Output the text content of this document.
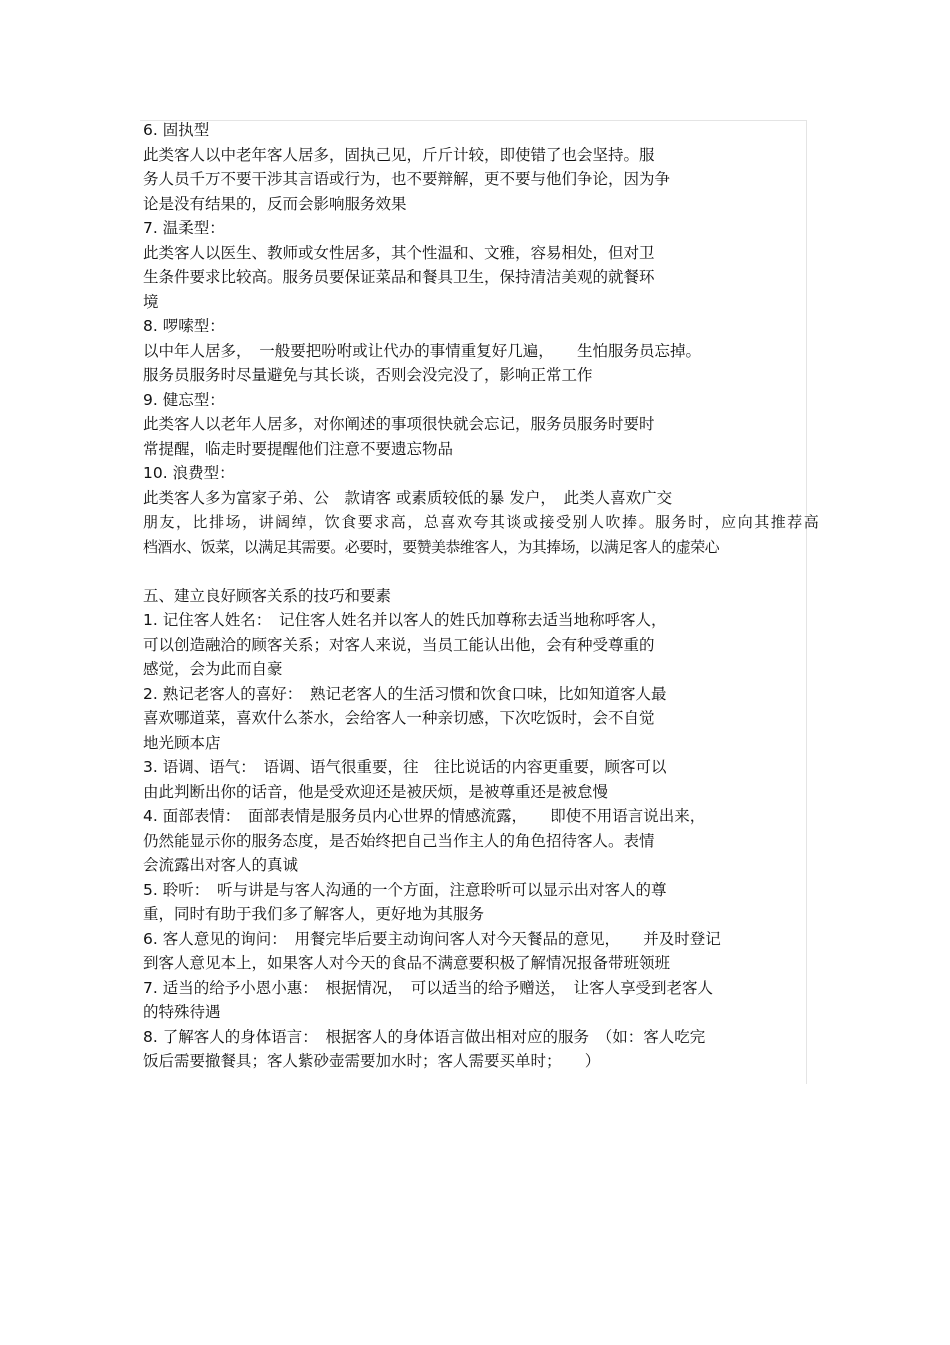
6. 固执型
此类客人以中老年客人居多，固执己见，斤斤计较，即使错了也会坚持。服
务人员千万不要干涉其言语或行为，也不要辩解，更不要与他们争论，因为争
论是没有结果的，反而会影响服务效果
7. 温柔型：
此类客人以医生、教师或女性居多，其个性温和、文雅，容易相处，但对卫
生条件要求比较高。服务员要保证菜品和餐具卫生，保持清洁美观的就餐环
境
8. 啰嗦型：
以中年人居多，　一般要把吩咐或让代办的事情重复好几遍，　　生怕服务员忘掉。
服务员服务时尽量避免与其长谈，否则会没完没了，影响正常工作
9. 健忘型：
此类客人以老年人居多，对你阐述的事项很快就会忘记，服务员服务时要时
常提醒，临走时要提醒他们注意不要遗忘物品
10. 浪费型：
此类客人多为富家子弟、公　款请客 或素质较低的暴 发户，　此类人喜欢广交
朋友，比排场，讲阔绰，饮食要求高，总喜欢夸其谈或接受别人吹捧。服务时，应向其推荐高
档酒水、饭菜，以满足其需要。必要时，要赞美恭维客人，为其捧场，以满足客人的虚荣心
五、建立良好顾客关系的技巧和要素
1. 记住客人姓名：　记住客人姓名并以客人的姓氏加尊称去适当地称呼客人，
可以创造融洽的顾客关系；对客人来说，当员工能认出他，会有种受尊重的
感觉，会为此而自豪
2. 熟记老客人的喜好：　熟记老客人的生活习惯和饮食口味，比如知道客人最
喜欢哪道菜，喜欢什么茶水，会给客人一种亲切感，下次吃饭时，会不自觉
地光顾本店
3. 语调、语气：　语调、语气很重要，往　往比说话的内容更重要，顾客可以
由此判断出你的话音，他是受欢迎还是被厌烦，是被尊重还是被怠慢
4. 面部表情：　面部表情是服务员内心世界的情感流露，　　即使不用语言说出来，
仍然能显示你的服务态度，是否始终把自己当作主人的角色招待客人。表情
会流露出对客人的真诚
5. 聆听：　听与讲是与客人沟通的一个方面，注意聆听可以显示出对客人的尊
重，同时有助于我们多了解客人，更好地为其服务
6. 客人意见的询问：　用餐完毕后要主动询问客人对今天餐品的意见，　　并及时登记
到客人意见本上，如果客人对今天的食品不满意要积极了解情况报备带班领班
7. 适当的给予小恩小惠：　根据情况，　可以适当的给予赠送，　让客人享受到老客人
的特殊待遇
8. 了解客人的身体语言：　根据客人的身体语言做出相对应的服务　（如：客人吃完
饭后需要撤餐具；客人紫砂壶需要加水时；客人需要买单时；　　）
